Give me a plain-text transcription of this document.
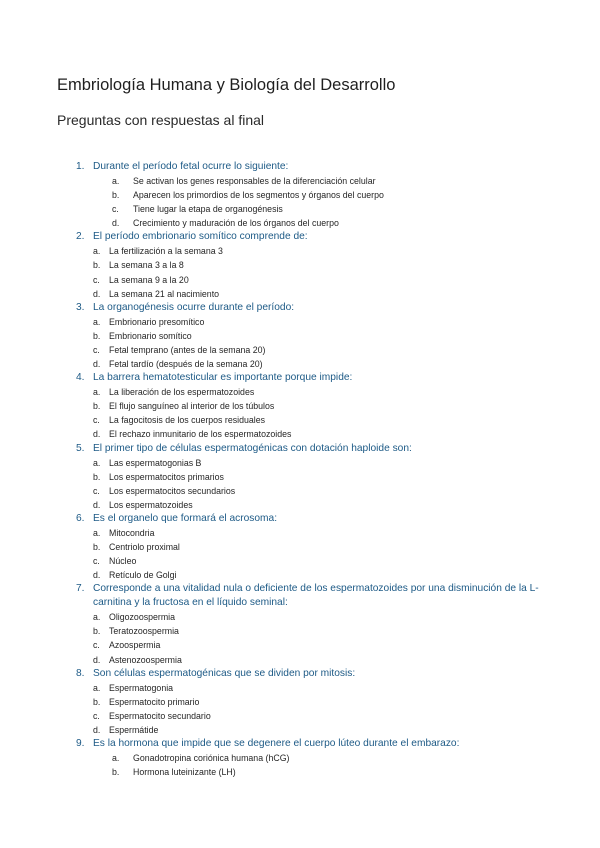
Embriología Humana y Biología del Desarrollo
Preguntas con respuestas al final
1. Durante el período fetal ocurre lo siguiente:
a. Se activan los genes responsables de la diferenciación celular
b. Aparecen los primordios de los segmentos y órganos del cuerpo
c. Tiene lugar la etapa de organogénesis
d. Crecimiento y maduración de los órganos del cuerpo
2. El período embrionario somítico comprende de:
a. La fertilización a la semana 3
b. La semana 3 a la 8
c. La semana 9 a la 20
d. La semana 21 al nacimiento
3. La organogénesis ocurre durante el período:
a. Embrionario presomítico
b. Embrionario somítico
c. Fetal temprano (antes de la semana 20)
d. Fetal tardío (después de la semana 20)
4. La barrera hematotesticular es importante porque impide:
a. La liberación de los espermatozoides
b. El flujo sanguíneo al interior de los túbulos
c. La fagocitosis de los cuerpos residuales
d. El rechazo inmunitario de los espermatozoides
5. El primer tipo de células espermatogénicas con dotación haploide son:
a. Las espermatogonias B
b. Los espermatocitos primarios
c. Los espermatocitos secundarios
d. Los espermatozoides
6. Es el organelo que formará el acrosoma:
a. Mitocondria
b. Centriolo proximal
c. Núcleo
d. Retículo de Golgi
7. Corresponde a una vitalidad nula o deficiente de los espermatozoides por una disminución de la L-carnitina y la fructosa en el líquido seminal:
a. Oligozoospermia
b. Teratozoospermia
c. Azoospermia
d. Astenozoospermia
8. Son células espermatogénicas que se dividen por mitosis:
a. Espermatogonia
b. Espermatocito primario
c. Espermatocito secundario
d. Espermátide
9. Es la hormona que impide que se degenere el cuerpo lúteo durante el embarazo:
a. Gonadotropina coriónica humana (hCG)
b. Hormona luteinizante (LH)
